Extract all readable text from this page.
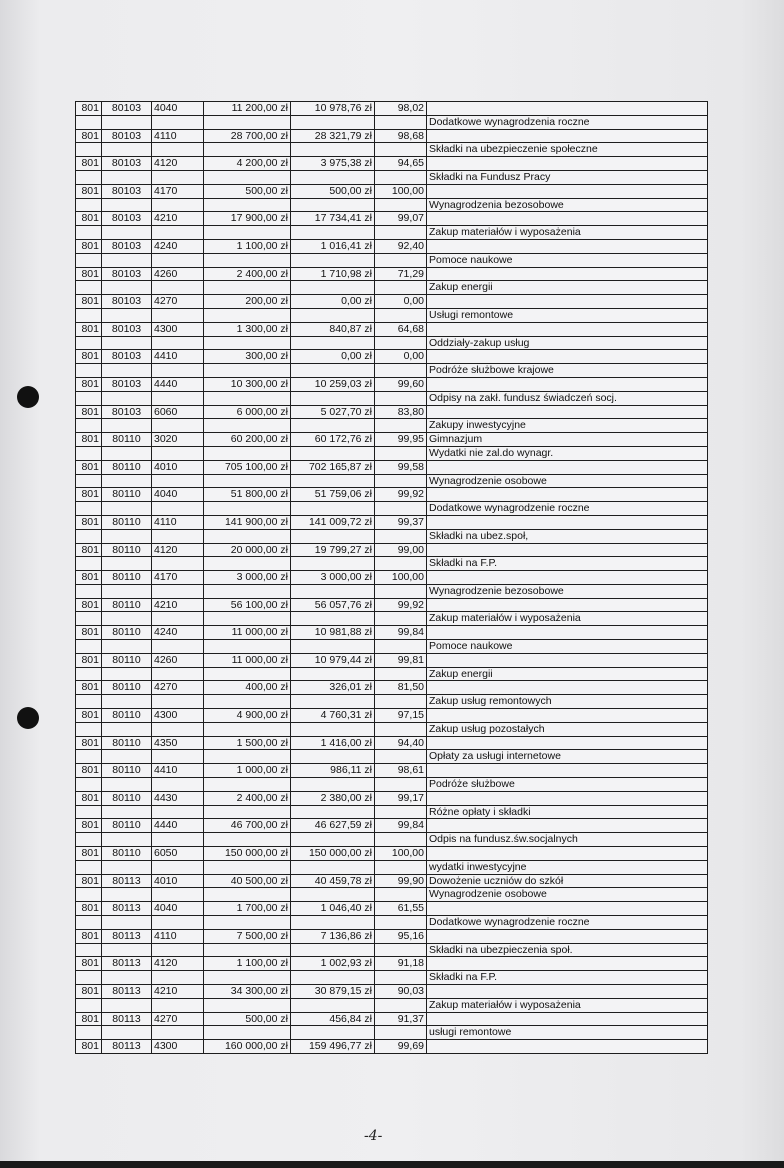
801	80103	4040	11 200,00 zł	10 978,76 zł	98,02	
						Dodatkowe wynagrodzenia roczne
801	80103	4110	28 700,00 zł	28 321,79 zł	98,68	
						Składki na ubezpieczenie społeczne
801	80103	4120	4 200,00 zł	3 975,38 zł	94,65	
						Składki na Fundusz Pracy
801	80103	4170	500,00 zł	500,00 zł	100,00	
						Wynagrodzenia bezosobowe
801	80103	4210	17 900,00 zł	17 734,41 zł	99,07	
						Zakup materiałów i wyposażenia
801	80103	4240	1 100,00 zł	1 016,41 zł	92,40	
						Pomoce naukowe
801	80103	4260	2 400,00 zł	1 710,98 zł	71,29	
						Zakup energii
801	80103	4270	200,00 zł	0,00 zł	0,00	
						Usługi remontowe
801	80103	4300	1 300,00 zł	840,87 zł	64,68	
						Oddziały-zakup usług
801	80103	4410	300,00 zł	0,00 zł	0,00	
						Podróże służbowe krajowe
801	80103	4440	10 300,00 zł	10 259,03 zł	99,60	
						Odpisy na zakł. fundusz świadczeń socj.
801	80103	6060	6 000,00 zł	5 027,70 zł	83,80	
						Zakupy inwestycyjne
801	80110	3020	60 200,00 zł	60 172,76 zł	99,95	Gimnazjum
						Wydatki nie zal.do wynagr.
801	80110	4010	705 100,00 zł	702 165,87 zł	99,58	
						Wynagrodzenie osobowe
801	80110	4040	51 800,00 zł	51 759,06 zł	99,92	
						Dodatkowe wynagrodzenie roczne
801	80110	4110	141 900,00 zł	141 009,72 zł	99,37	
						Składki na ubez.społ,
801	80110	4120	20 000,00 zł	19 799,27 zł	99,00	
						Składki na F.P.
801	80110	4170	3 000,00 zł	3 000,00 zł	100,00	
						Wynagrodzenie bezosobowe
801	80110	4210	56 100,00 zł	56 057,76 zł	99,92	
						Zakup materiałów i wyposażenia
801	80110	4240	11 000,00 zł	10 981,88 zł	99,84	
						Pomoce naukowe
801	80110	4260	11 000,00 zł	10 979,44 zł	99,81	
						Zakup energii
801	80110	4270	400,00 zł	326,01 zł	81,50	
						Zakup usług remontowych
801	80110	4300	4 900,00 zł	4 760,31 zł	97,15	
						Zakup usług pozostałych
801	80110	4350	1 500,00 zł	1 416,00 zł	94,40	
						Opłaty za usługi internetowe
801	80110	4410	1 000,00 zł	986,11 zł	98,61	
						Podróże służbowe
801	80110	4430	2 400,00 zł	2 380,00 zł	99,17	
						Różne opłaty i składki
801	80110	4440	46 700,00 zł	46 627,59 zł	99,84	
						Odpis na fundusz.św.socjalnych
801	80110	6050	150 000,00 zł	150 000,00 zł	100,00	
						wydatki inwestycyjne
801	80113	4010	40 500,00 zł	40 459,78 zł	99,90	Dowożenie uczniów do szkół
						Wynagrodzenie osobowe
801	80113	4040	1 700,00 zł	1 046,40 zł	61,55	
						Dodatkowe wynagrodzenie roczne
801	80113	4110	7 500,00 zł	7 136,86 zł	95,16	
						Składki na ubezpieczenia społ.
801	80113	4120	1 100,00 zł	1 002,93 zł	91,18	
						Składki na F.P.
801	80113	4210	34 300,00 zł	30 879,15 zł	90,03	
						Zakup materiałów i wyposażenia
801	80113	4270	500,00 zł	456,84 zł	91,37	
						usługi remontowe
801	80113	4300	160 000,00 zł	159 496,77 zł	99,69	
-4-
